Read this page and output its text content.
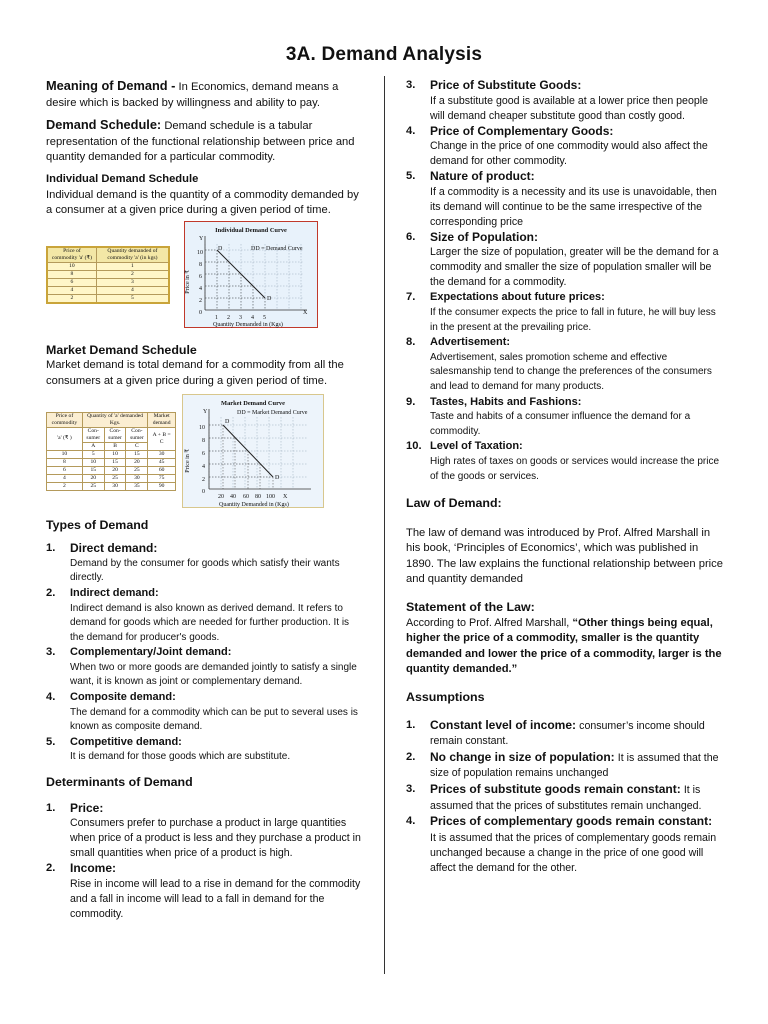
3A. Demand Analysis

Meaning of Demand - In Economics, demand means a desire which is backed by willingness and ability to pay.

Demand Schedule: Demand schedule is a tabular representation of the functional relationship between price and quantity demanded for a particular commodity.

Individual Demand Schedule

Individual demand is the quantity of a commodity demanded by a consumer at a given price during a given period of time.

Price of commodity 'a' (₹)	Quantity demanded of commodity 'a' (in kgs)
10	1
8	2
6	3
4	4
2	5
Individual Demand Curve
Y
D
D
DD = Demand Curve
10
8
6
4
2
0
1 2 3 4 5
X
Quantity Demanded in (Kgs)
Price in ₹

Market Demand Schedule

Market demand is total demand for a commodity from all the consumers at a given price during a given period of time.

Price of commodity	Quantity of 'a' demanded Kgs.			Market demand
'a' (₹ )	Con-sumer	Con-sumer	Con-sumer	A + B = C
	A	B	C	
10	5	10	15	30
8	10	15	20	45
6	15	20	25	60
4	20	25	30	75
2	25	30	35	90
Market Demand Curve
Y
D
D
DD = Market Demand Curve
10
8
6
4
2
0
20 40 60 80 100 X
Quantity Demanded in (Kgs)
Price in ₹

Types of Demand

1. Direct demand:
Demand by the consumer for goods which satisfy their wants directly.
2. Indirect demand:
Indirect demand is also known as derived demand. It refers to demand for goods which are needed for further production. It is the demand for producer's goods.
3. Complementary/Joint demand:
When two or more goods are demanded jointly to satisfy a single want, it is known as joint or complementary demand.
4. Composite demand:
The demand for a commodity which can be put to several uses is known as composite demand.
5. Competitive demand:
It is demand for those goods which are substitute.

Determinants of Demand

1. Price:
Consumers prefer to purchase a product in large quantities when price of a product is less and they purchase a product in small quantities when price of a product is high.
2. Income:
Rise in income will lead to a rise in demand for the commodity and a fall in income will lead to a fall in demand for the commodity.
3. Price of Substitute Goods:
If a substitute good is available at a lower price then people will demand cheaper substitute good than costly good.
4. Price of Complementary Goods:
Change in the price of one commodity would also affect the demand for other commodity.
5. Nature of product:
If a commodity is a necessity and its use is unavoidable, then its demand will continue to be the same irrespective of the corresponding price
6. Size of Population:
Larger the size of population, greater will be the demand for a commodity and smaller the size of population smaller will be the demand for a commodity.
7. Expectations about future prices:
If the consumer expects the price to fall in future, he will buy less in the present at the prevailing price.
8. Advertisement:
Advertisement, sales promotion scheme and effective salesmanship tend to change the preferences of the consumers and lead to demand for many products.
9. Tastes, Habits and Fashions:
Taste and habits of a consumer influence the demand for a commodity.
10. Level of Taxation:
High rates of taxes on goods or services would increase the price of the goods or services.

Law of Demand:

The law of demand was introduced by Prof. Alfred Marshall in his book, ‘Principles of Economics’, which was published in 1890. The law explains the functional relationship between price and quantity demanded

Statement of the Law:

According to Prof. Alfred Marshall, “Other things being equal, higher the price of a commodity, smaller is the quantity demanded and lower the price of a commodity, larger is the quantity demanded.”

Assumptions

1. Constant level of income: consumer’s income should remain constant.
2. No change in size of population: It is assumed that the size of population remains unchanged
3. Prices of substitute goods remain constant: It is assumed that the prices of substitutes remain unchanged.
4. Prices of complementary goods remain constant:
It is assumed that the prices of complementary goods remain unchanged because a change in the price of one good will affect the demand for the other.
